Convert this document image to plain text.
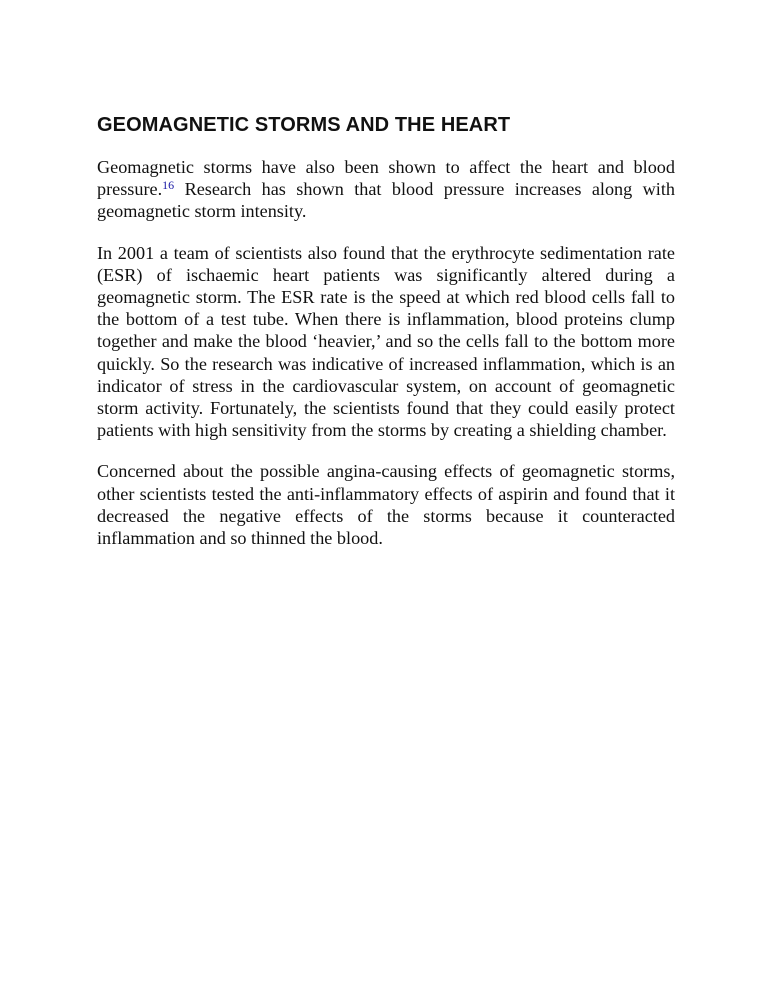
GEOMAGNETIC STORMS AND THE HEART

Geomagnetic storms have also been shown to affect the heart and blood pressure.$^{16}$ Research has shown that blood pressure increases along with geomagnetic storm intensity.

In 2001 a team of scientists also found that the erythrocyte sedimentation rate (ESR) of ischaemic heart patients was significantly altered during a geomagnetic storm. The ESR rate is the speed at which red blood cells fall to the bottom of a test tube. When there is inflammation, blood proteins clump together and make the blood ‘heavier,’ and so the cells fall to the bottom more quickly. So the research was indicative of increased inflammation, which is an indicator of stress in the cardiovascular system, on account of geomagnetic storm activity. Fortunately, the scientists found that they could easily protect patients with high sensitivity from the storms by creating a shielding chamber.

Concerned about the possible angina-causing effects of geomagnetic storms, other scientists tested the anti-inflammatory effects of aspirin and found that it decreased the negative effects of the storms because it counteracted inflammation and so thinned the blood.
